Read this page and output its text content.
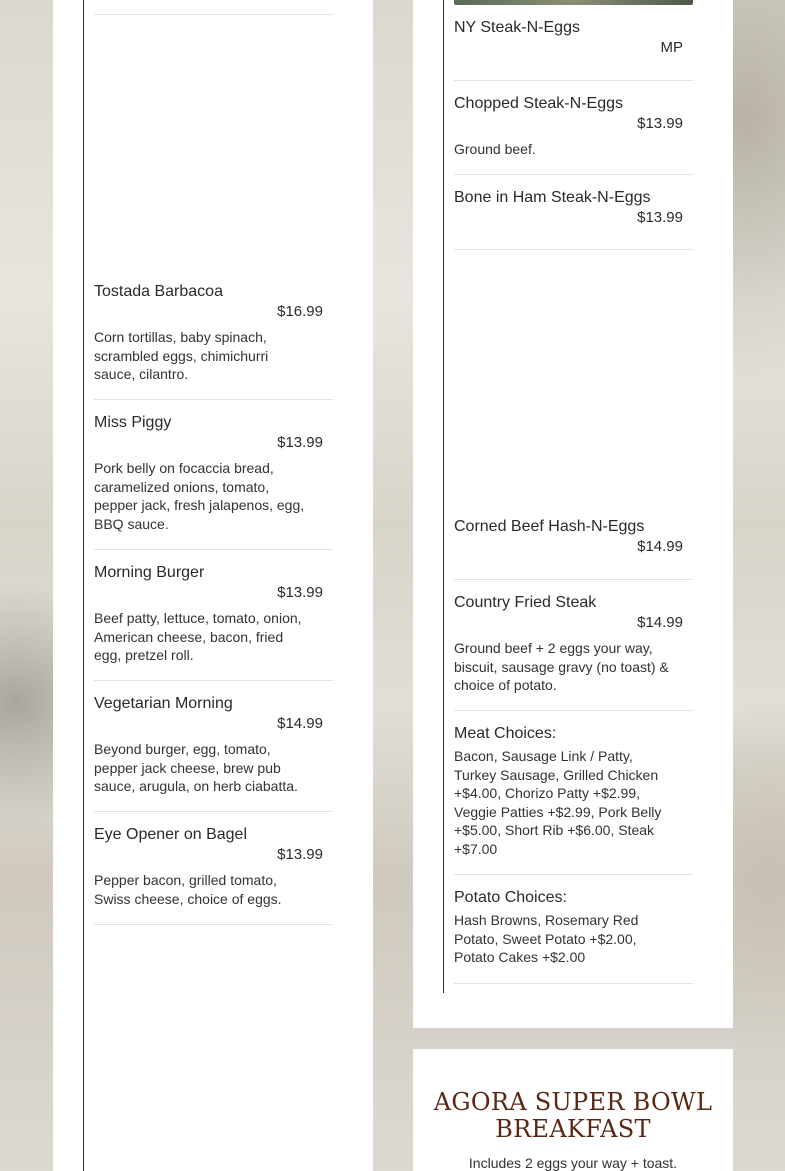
Tostada Barbacoa
$16.99
Corn tortillas, baby spinach, scrambled eggs, chimichurri sauce, cilantro.
Miss Piggy
$13.99
Pork belly on focaccia bread, caramelized onions, tomato, pepper jack, fresh jalapenos, egg, BBQ sauce.
Morning Burger
$13.99
Beef patty, lettuce, tomato, onion, American cheese, bacon, fried egg, pretzel roll.
Vegetarian Morning
$14.99
Beyond burger, egg, tomato, pepper jack cheese, brew pub sauce, arugula, on herb ciabatta.
Eye Opener on Bagel
$13.99
Pepper bacon, grilled tomato, Swiss cheese, choice of eggs.
NY Steak-N-Eggs
MP
Chopped Steak-N-Eggs
$13.99
Ground beef.
Bone in Ham Steak-N-Eggs
$13.99
Corned Beef Hash-N-Eggs
$14.99
Country Fried Steak
$14.99
Ground beef + 2 eggs your way, biscuit, sausage gravy (no toast) & choice of potato.
Meat Choices:
Bacon, Sausage Link / Patty, Turkey Sausage, Grilled Chicken +$4.00, Chorizo Patty +$2.99, Veggie Patties +$2.99, Pork Belly +$5.00, Short Rib +$6.00, Steak +$7.00
Potato Choices:
Hash Browns, Rosemary Red Potato, Sweet Potato +$2.00, Potato Cakes +$2.00
AGORA SUPER BOWL BREAKFAST
Includes 2 eggs your way + toast.
